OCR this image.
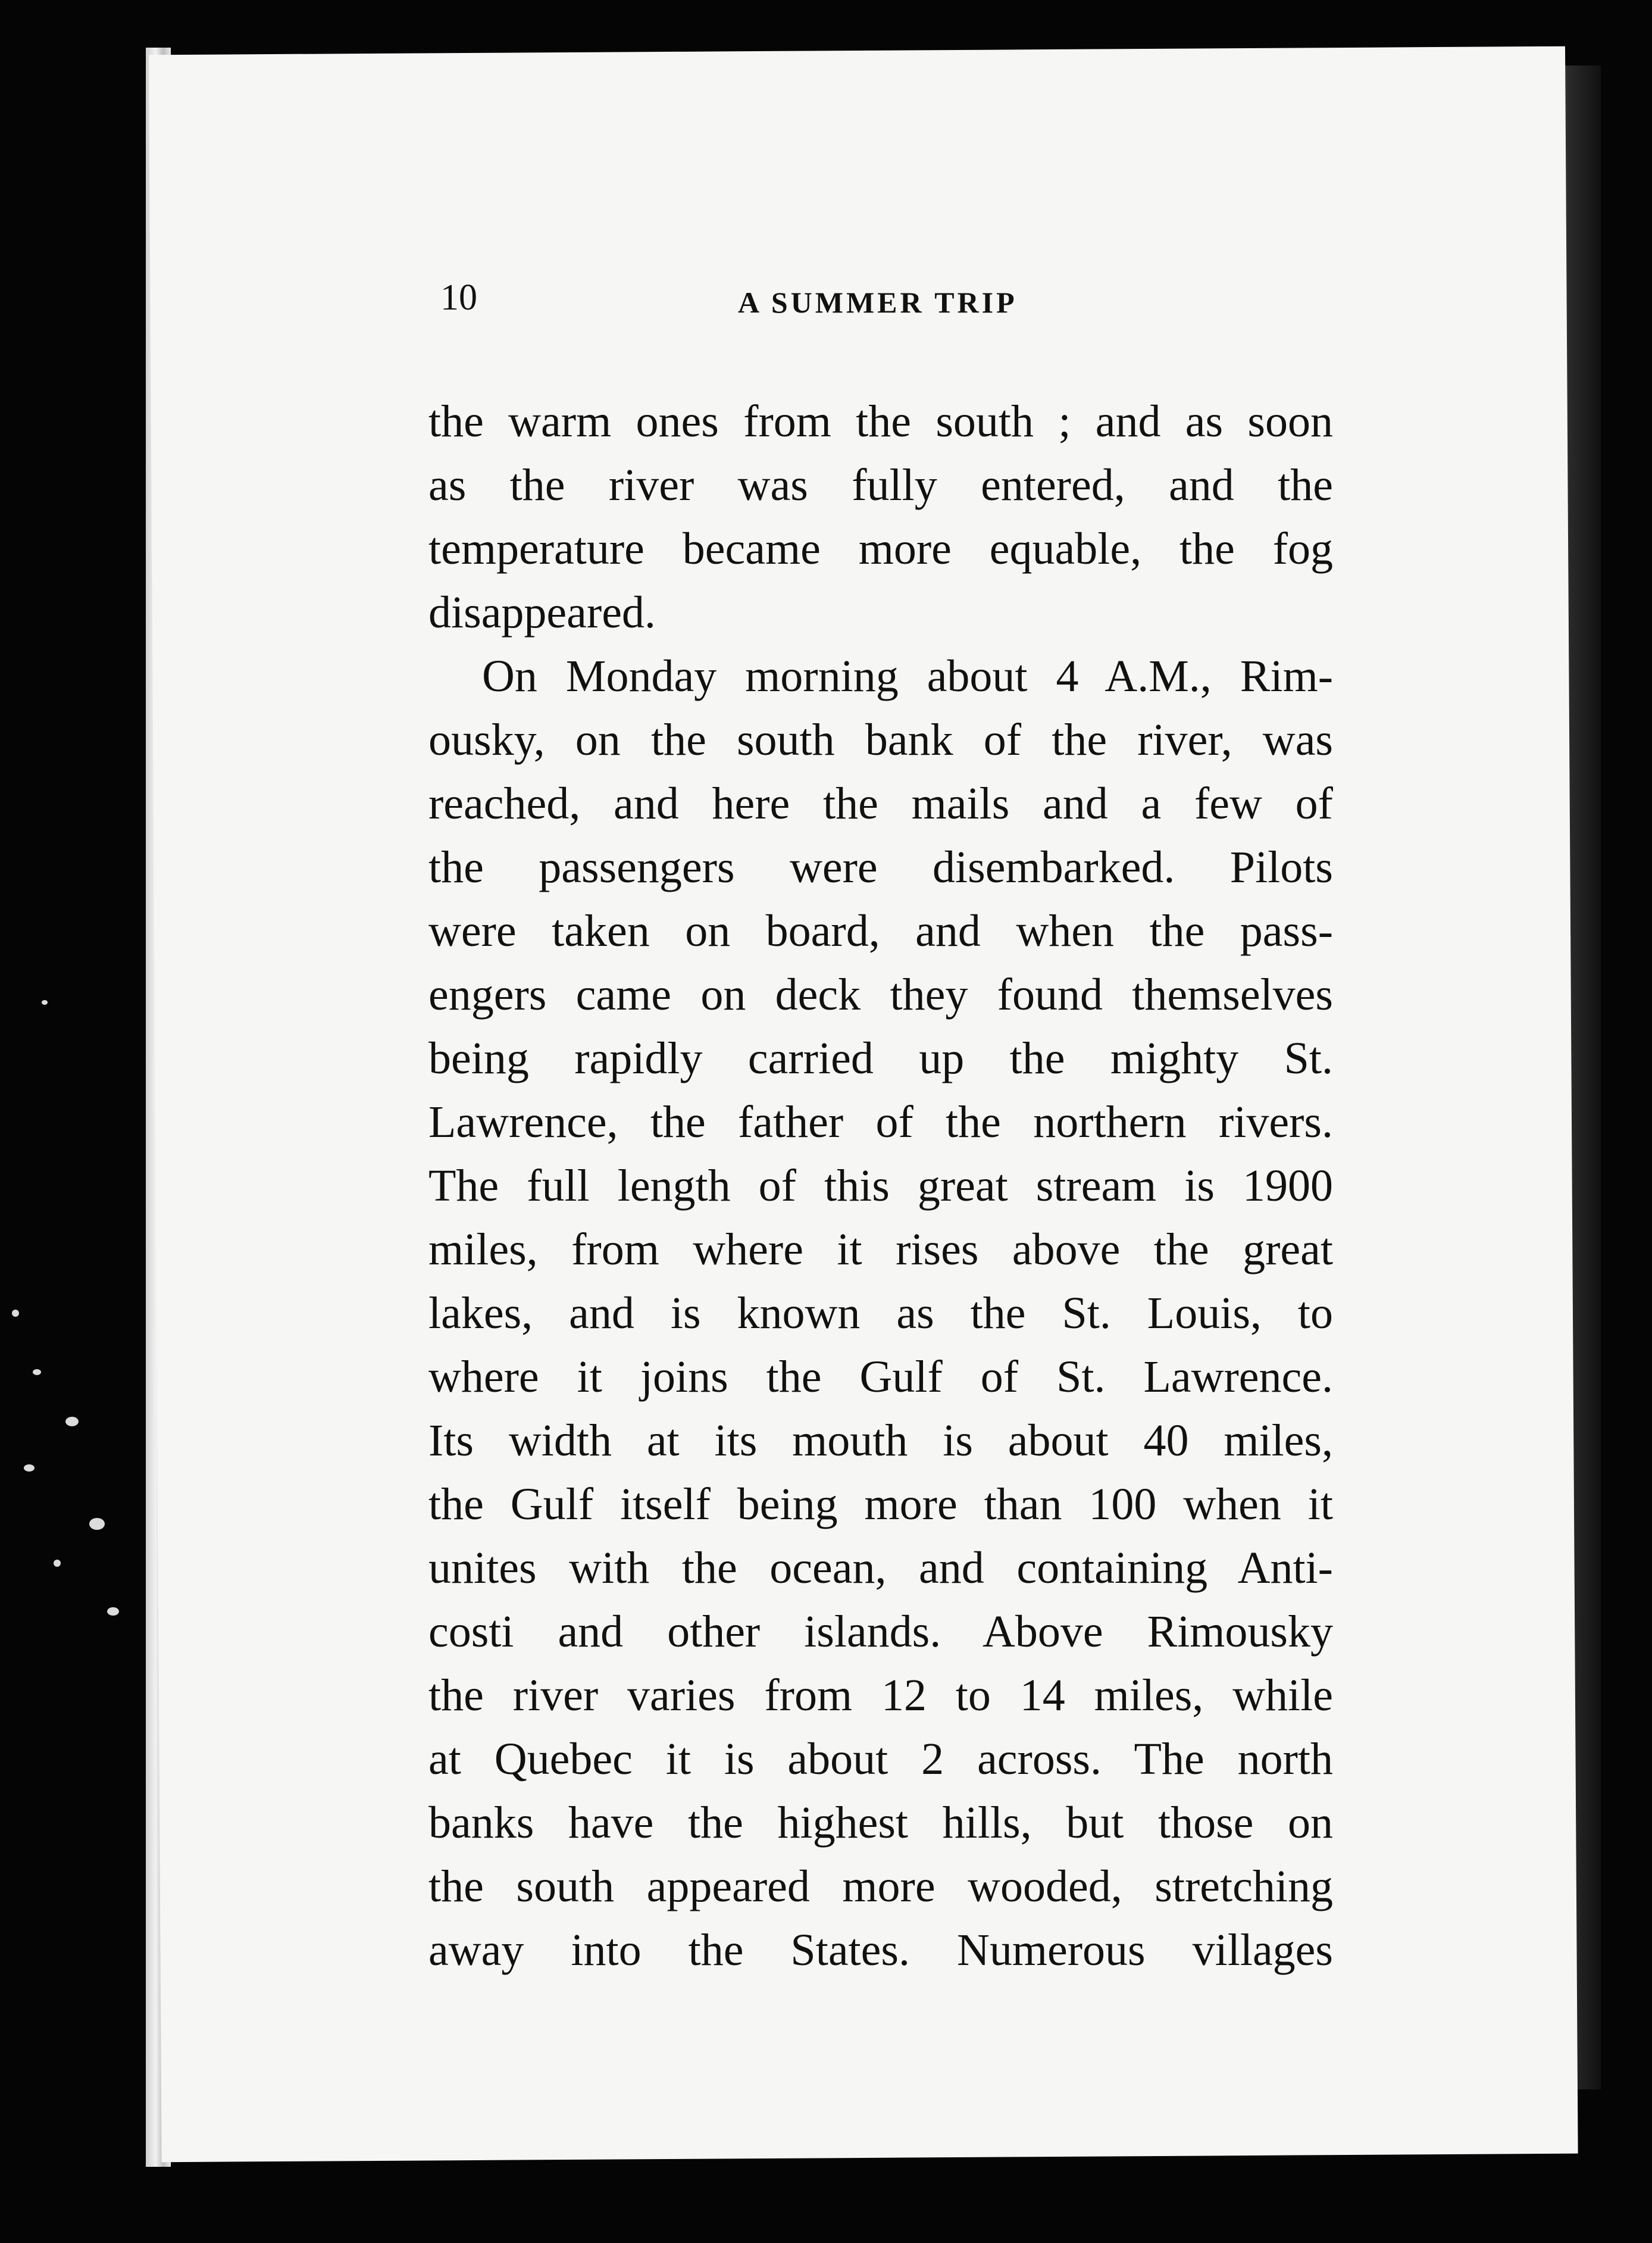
10	A SUMMER TRIP
the warm ones from the south ; and as soon
as the river was fully entered, and the
temperature became more equable, the fog
disappeared.
On Monday morning about 4 A.M., Rim-
ousky, on the south bank of the river, was
reached, and here the mails and a few of
the passengers were disembarked. Pilots
were taken on board, and when the pass-
engers came on deck they found themselves
being rapidly carried up the mighty St.
Lawrence, the father of the northern rivers.
The full length of this great stream is 1900
miles, from where it rises above the great
lakes, and is known as the St. Louis, to
where it joins the Gulf of St. Lawrence.
Its width at its mouth is about 40 miles,
the Gulf itself being more than 100 when it
unites with the ocean, and containing Anti-
costi and other islands. Above Rimousky
the river varies from 12 to 14 miles, while
at Quebec it is about 2 across. The north
banks have the highest hills, but those on
the south appeared more wooded, stretching
away into the States. Numerous villages
